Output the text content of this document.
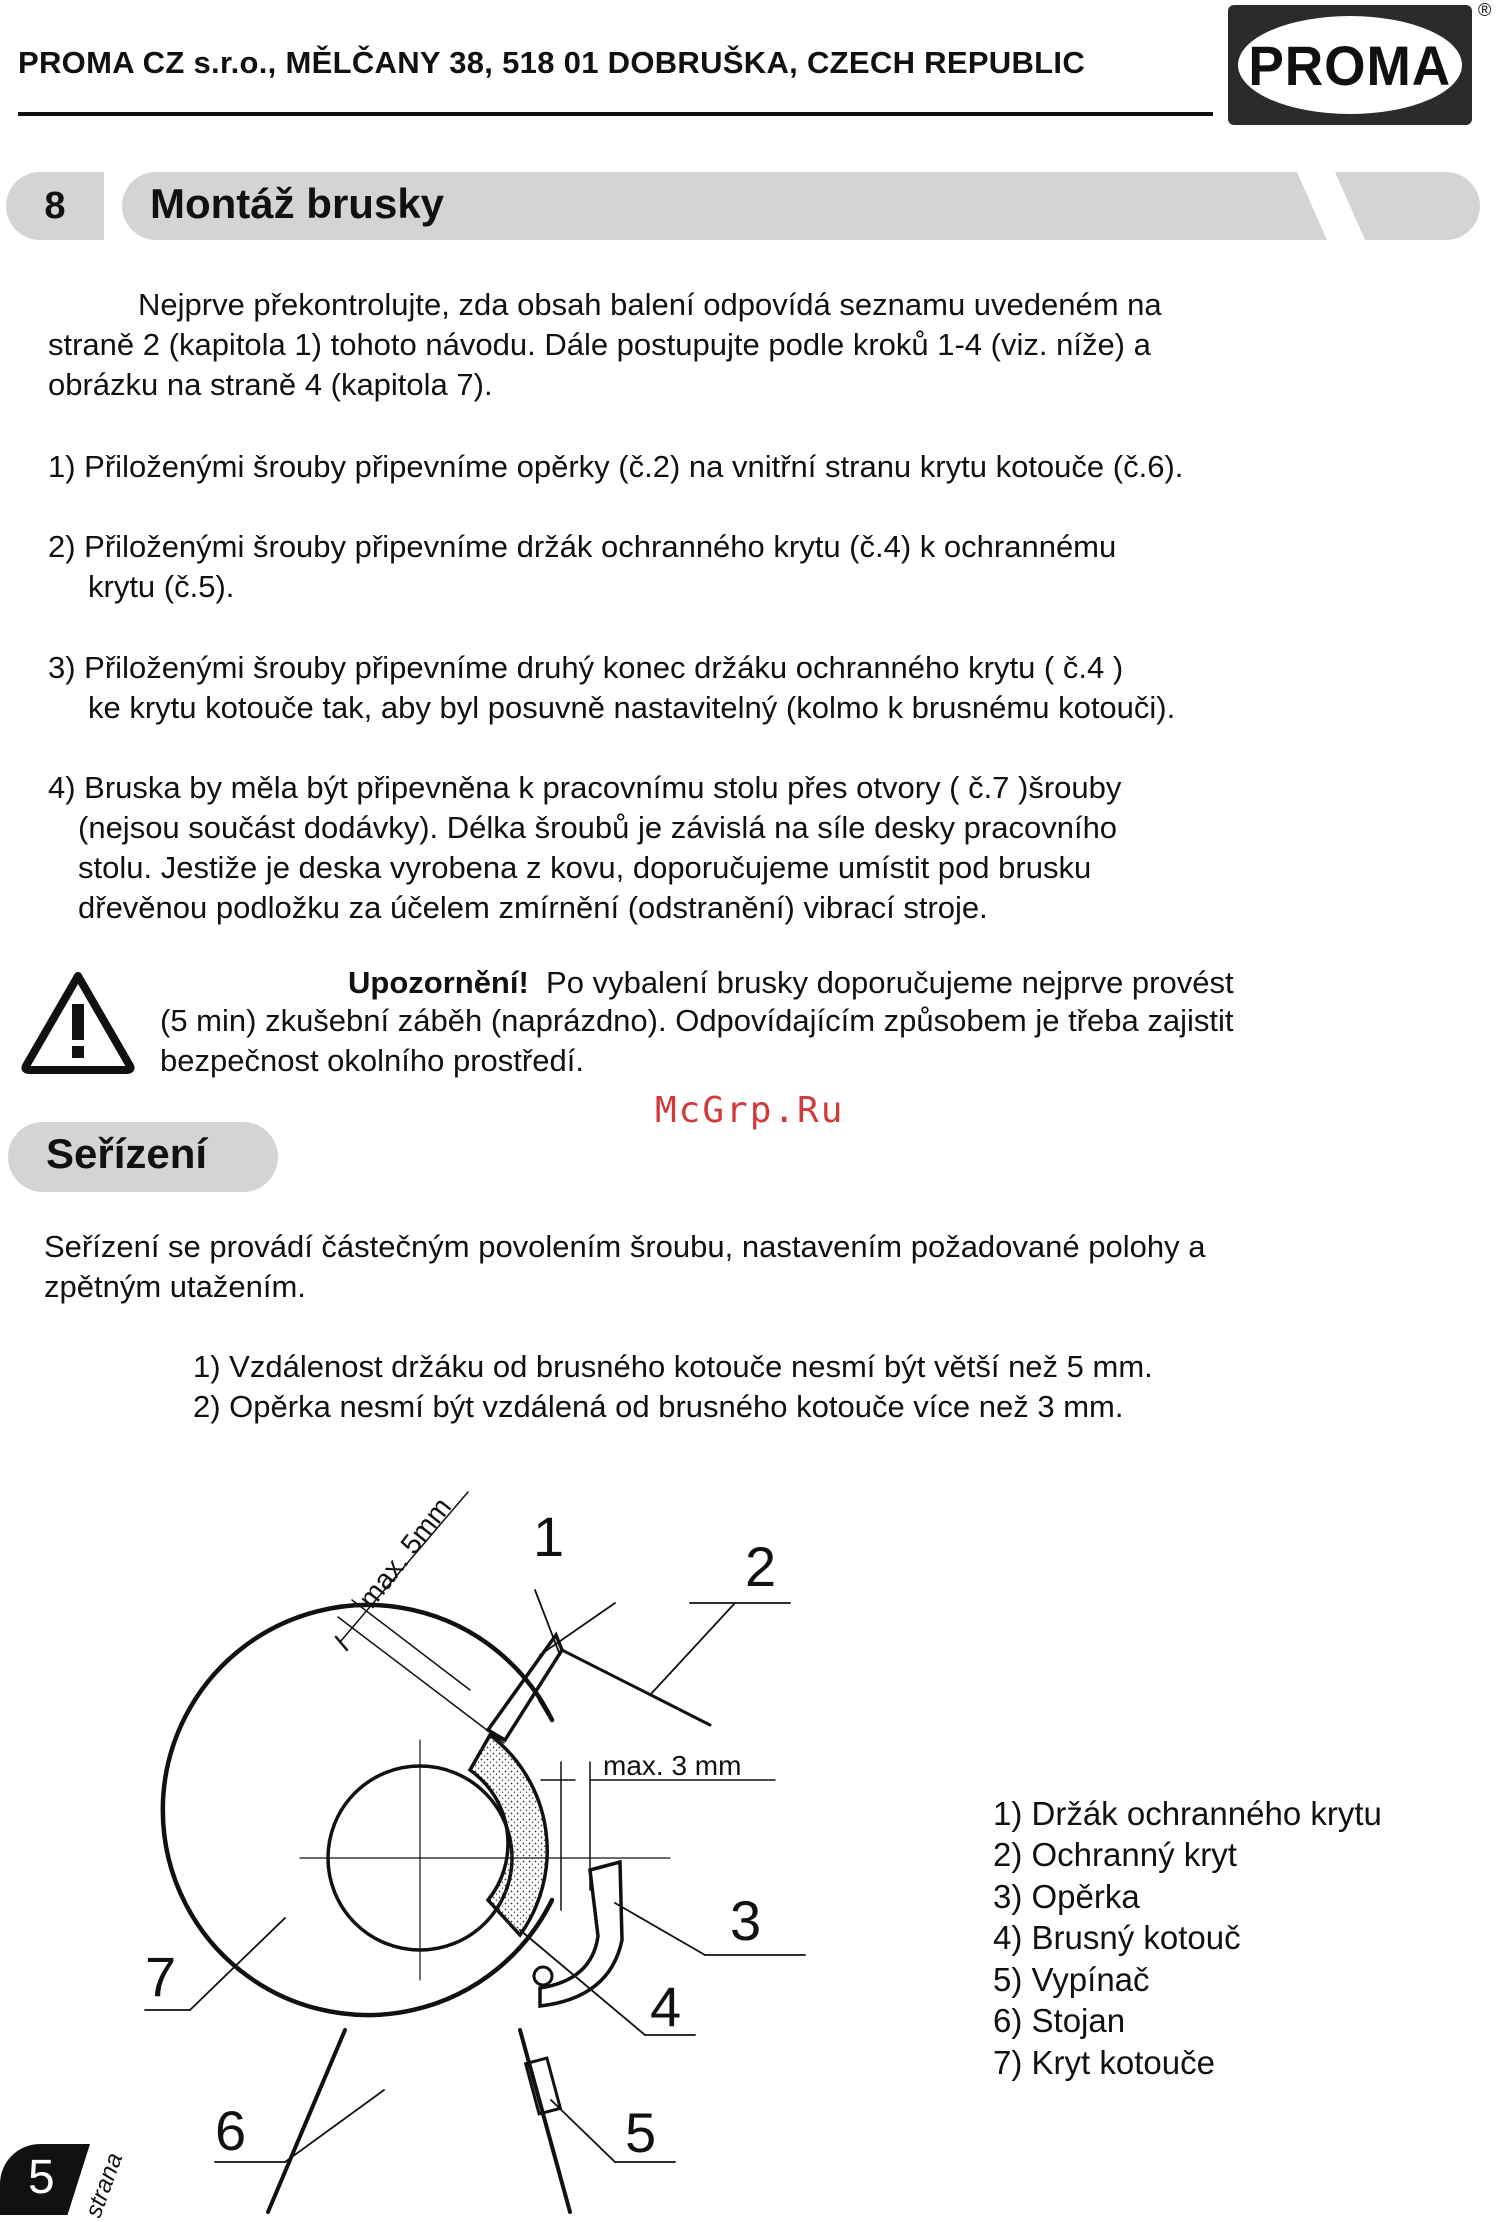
PROMA CZ s.r.o., MĚLČANY 38, 518 01 DOBRUŠKA, CZECH REPUBLIC	PROMA
®
8 Montáž brusky
Nejprve překontrolujte, zda obsah balení odpovídá seznamu uvedeném na
straně 2 (kapitola 1) tohoto návodu. Dále postupujte podle kroků 1-4 (viz. níže) a
obrázku na straně 4 (kapitola 7).
1) Přiloženými šrouby připevníme opěrky (č.2) na vnitřní stranu krytu kotouče (č.6).
2) Přiloženými šrouby připevníme držák ochranného krytu (č.4) k ochrannému
krytu (č.5).
3) Přiloženými šrouby připevníme druhý konec držáku ochranného krytu ( č.4 )
ke krytu kotouče tak, aby byl posuvně nastavitelný (kolmo k brusnému kotouči).
4) Bruska by měla být připevněna k pracovnímu stolu přes otvory ( č.7 )šrouby
(nejsou součást dodávky). Délka šroubů je závislá na síle desky pracovního
stolu. Jestiže je deska vyrobena z kovu, doporučujeme umístit pod brusku
dřevěnou podložku za účelem zmírnění (odstranění) vibrací stroje.
Upozornění! Po vybalení brusky doporučujeme nejprve provést
(5 min) zkušební záběh (naprázdno). Odpovídajícím způsobem je třeba zajistit
bezpečnost okolního prostředí.
McGrp.Ru
Seřízení
Seřízení se provádí částečným povolením šroubu, nastavením požadované polohy a
zpětným utažením.
1) Vzdálenost držáku od brusného kotouče nesmí být větší než 5 mm.
2) Opěrka nesmí být vzdálená od brusného kotouče více než 3 mm.
max. 5mm
max. 3 mm
1	2
3
4
5
6
7
1) Držák ochranného krytu
2) Ochranný kryt
3) Opěrka
4) Brusný kotouč
5) Vypínač
6) Stojan
7) Kryt kotouče
5 strana
